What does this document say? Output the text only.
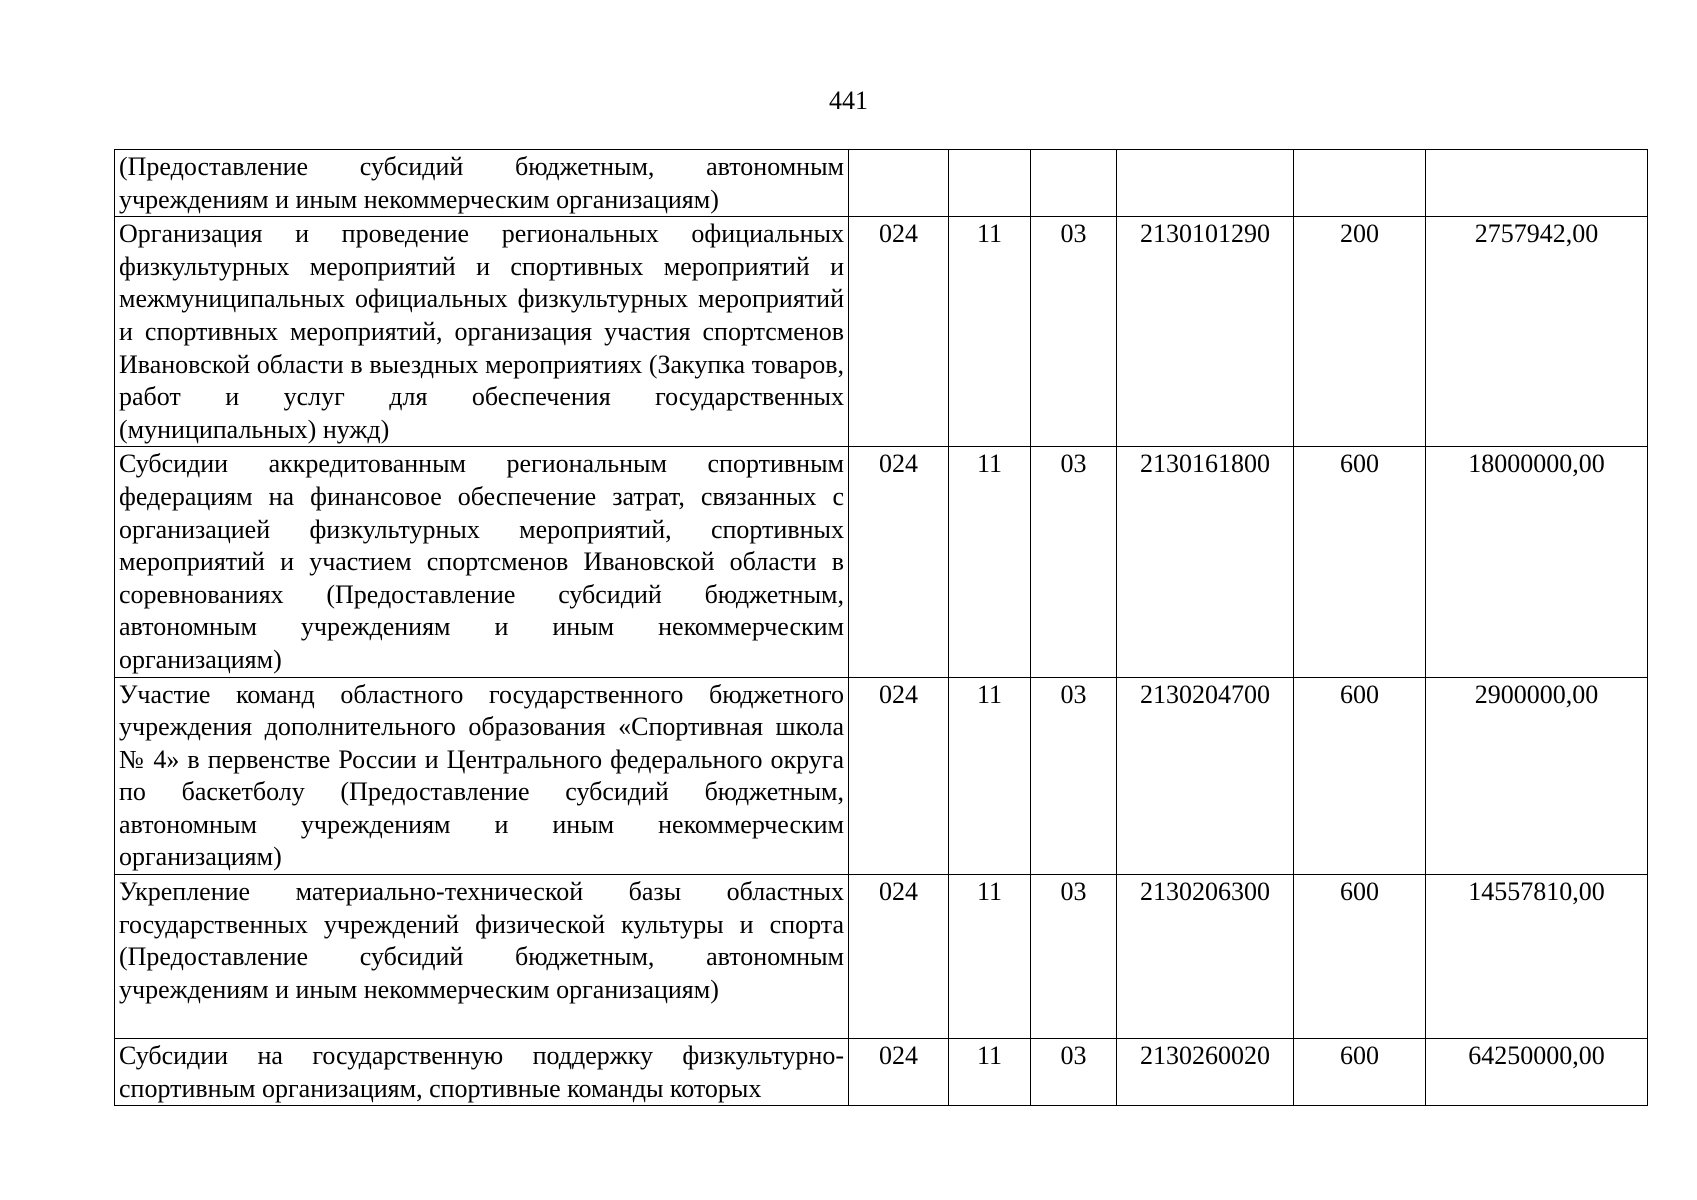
441
(Предоставление субсидий бюджетным, автономным учреждениям и иным некоммерческим организациям)						
Организация и проведение региональных официальных физкультурных мероприятий и спортивных мероприятий и межмуниципальных официальных физкультурных мероприятий и спортивных мероприятий, организация участия спортсменов Ивановской области в выездных мероприятиях (Закупка товаров, работ и услуг для обеспечения государственных (муниципальных) нужд)	024	11	03	2130101290	200	2757942,00
Субсидии аккредитованным региональным спортивным федерациям на финансовое обеспечение затрат, связанных с организацией физкультурных мероприятий, спортивных мероприятий и участием спортсменов Ивановской области в соревнованиях (Предоставление субсидий бюджетным, автономным учреждениям и иным некоммерческим организациям)	024	11	03	2130161800	600	18000000,00
Участие команд областного государственного бюджетного учреждения дополнительного образования «Спортивная школа № 4» в первенстве России и Центрального федерального округа по баскетболу (Предоставление субсидий бюджетным, автономным учреждениям и иным некоммерческим организациям)	024	11	03	2130204700	600	2900000,00
Укрепление материально-технической базы областных государственных учреждений физической культуры и спорта (Предоставление субсидий бюджетным, автономным учреждениям и иным некоммерческим организациям)	024	11	03	2130206300	600	14557810,00
Субсидии на государственную поддержку физкультурно-спортивным организациям, спортивные команды которых	024	11	03	2130260020	600	64250000,00
